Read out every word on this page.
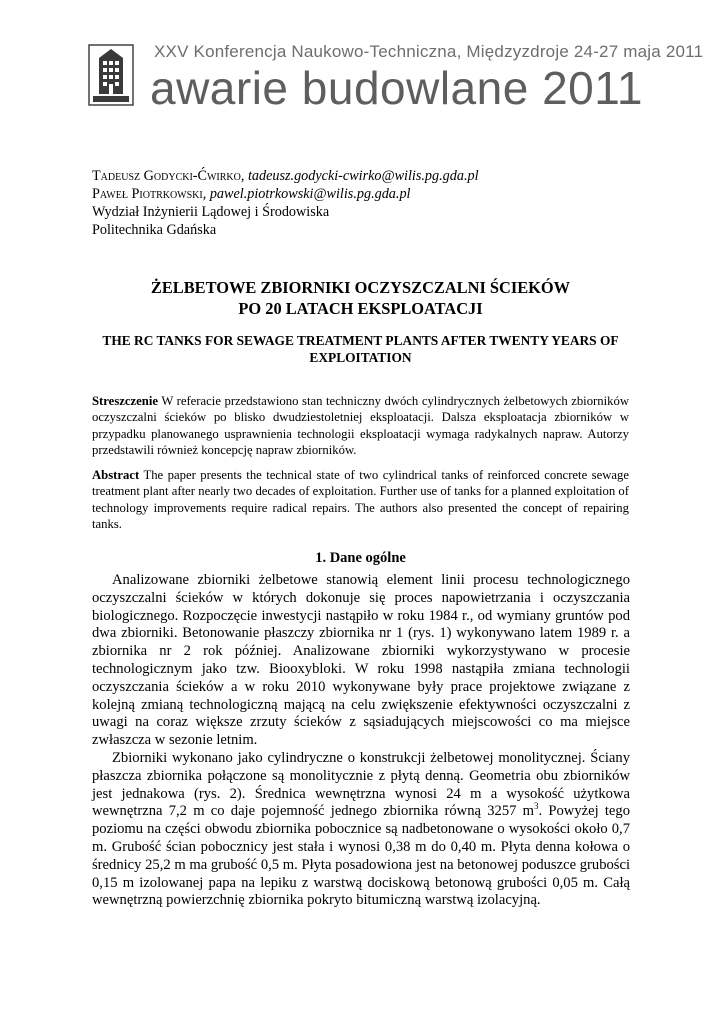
XXV Konferencja Naukowo-Techniczna, Międzyzdroje 24-27 maja 2011
awarie budowlane 2011
Tadeusz Godycki-Ćwirko, tadeusz.godycki-cwirko@wilis.pg.gda.pl
Paweł Piotrkowski, pawel.piotrkowski@wilis.pg.gda.pl
Wydział Inżynierii Lądowej i Środowiska
Politechnika Gdańska
ŻELBETOWE ZBIORNIKI OCZYSZCZALNI ŚCIEKÓW
PO 20 LATACH EKSPLOATACJI
THE RC TANKS FOR SEWAGE TREATMENT PLANTS AFTER TWENTY YEARS OF EXPLOITATION
Streszczenie W referacie przedstawiono stan techniczny dwóch cylindrycznych żelbetowych zbiorników oczyszczalni ścieków po blisko dwudziestoletniej eksploatacji. Dalsza eksploatacja zbiorników w przypadku planowanego usprawnienia technologii eksploatacji wymaga radykalnych napraw. Autorzy przedstawili również koncepcję napraw zbiorników.
Abstract The paper presents the technical state of two cylindrical tanks of reinforced concrete sewage treatment plant after nearly two decades of exploitation. Further use of tanks for a planned exploitation of technology improvements require radical repairs. The authors also presented the concept of repairing tanks.
1. Dane ogólne

Analizowane zbiorniki żelbetowe stanowią element linii procesu technologicznego oczyszczalni ścieków w których dokonuje się proces napowietrzania i oczyszczania biologicznego. Rozpoczęcie inwestycji nastąpiło w roku 1984 r., od wymiany gruntów pod dwa zbiorniki. Betonowanie płaszczy zbiornika nr 1 (rys. 1) wykonywano latem 1989 r. a zbiornika nr 2 rok później. Analizowane zbiorniki wykorzystywano w procesie technologicznym jako tzw. Biooxybloki. W roku 1998 nastąpiła zmiana technologii oczyszczania ścieków a w roku 2010 wykonywane były prace projektowe związane z kolejną zmianą technologiczną mającą na celu zwiększenie efektywności oczyszczalni z uwagi na coraz większe zrzuty ścieków z sąsiadujących miejscowości co ma miejsce zwłaszcza w sezonie letnim.

Zbiorniki wykonano jako cylindryczne o konstrukcji żelbetowej monolitycznej. Ściany płaszcza zbiornika połączone są monolitycznie z płytą denną. Geometria obu zbiorników jest jednakowa (rys. 2). Średnica wewnętrzna wynosi 24 m a wysokość użytkowa wewnętrzna 7,2 m co daje pojemność jednego zbiornika równą 3257 $m^3$. Powyżej tego poziomu na części obwodu zbiornika pobocznice są nadbetonowane o wysokości około 0,7 m. Grubość ścian pobocznicy jest stała i wynosi 0,38 m do 0,40 m. Płyta denna kołowa o średnicy 25,2 m ma grubość 0,5 m. Płyta posadowiona jest na betonowej poduszce grubości 0,15 m izolowanej papa na lepiku z warstwą dociskową betonową grubości 0,05 m. Całą wewnętrzną powierzchnię zbiornika pokryto bitumiczną warstwą izolacyjną.
